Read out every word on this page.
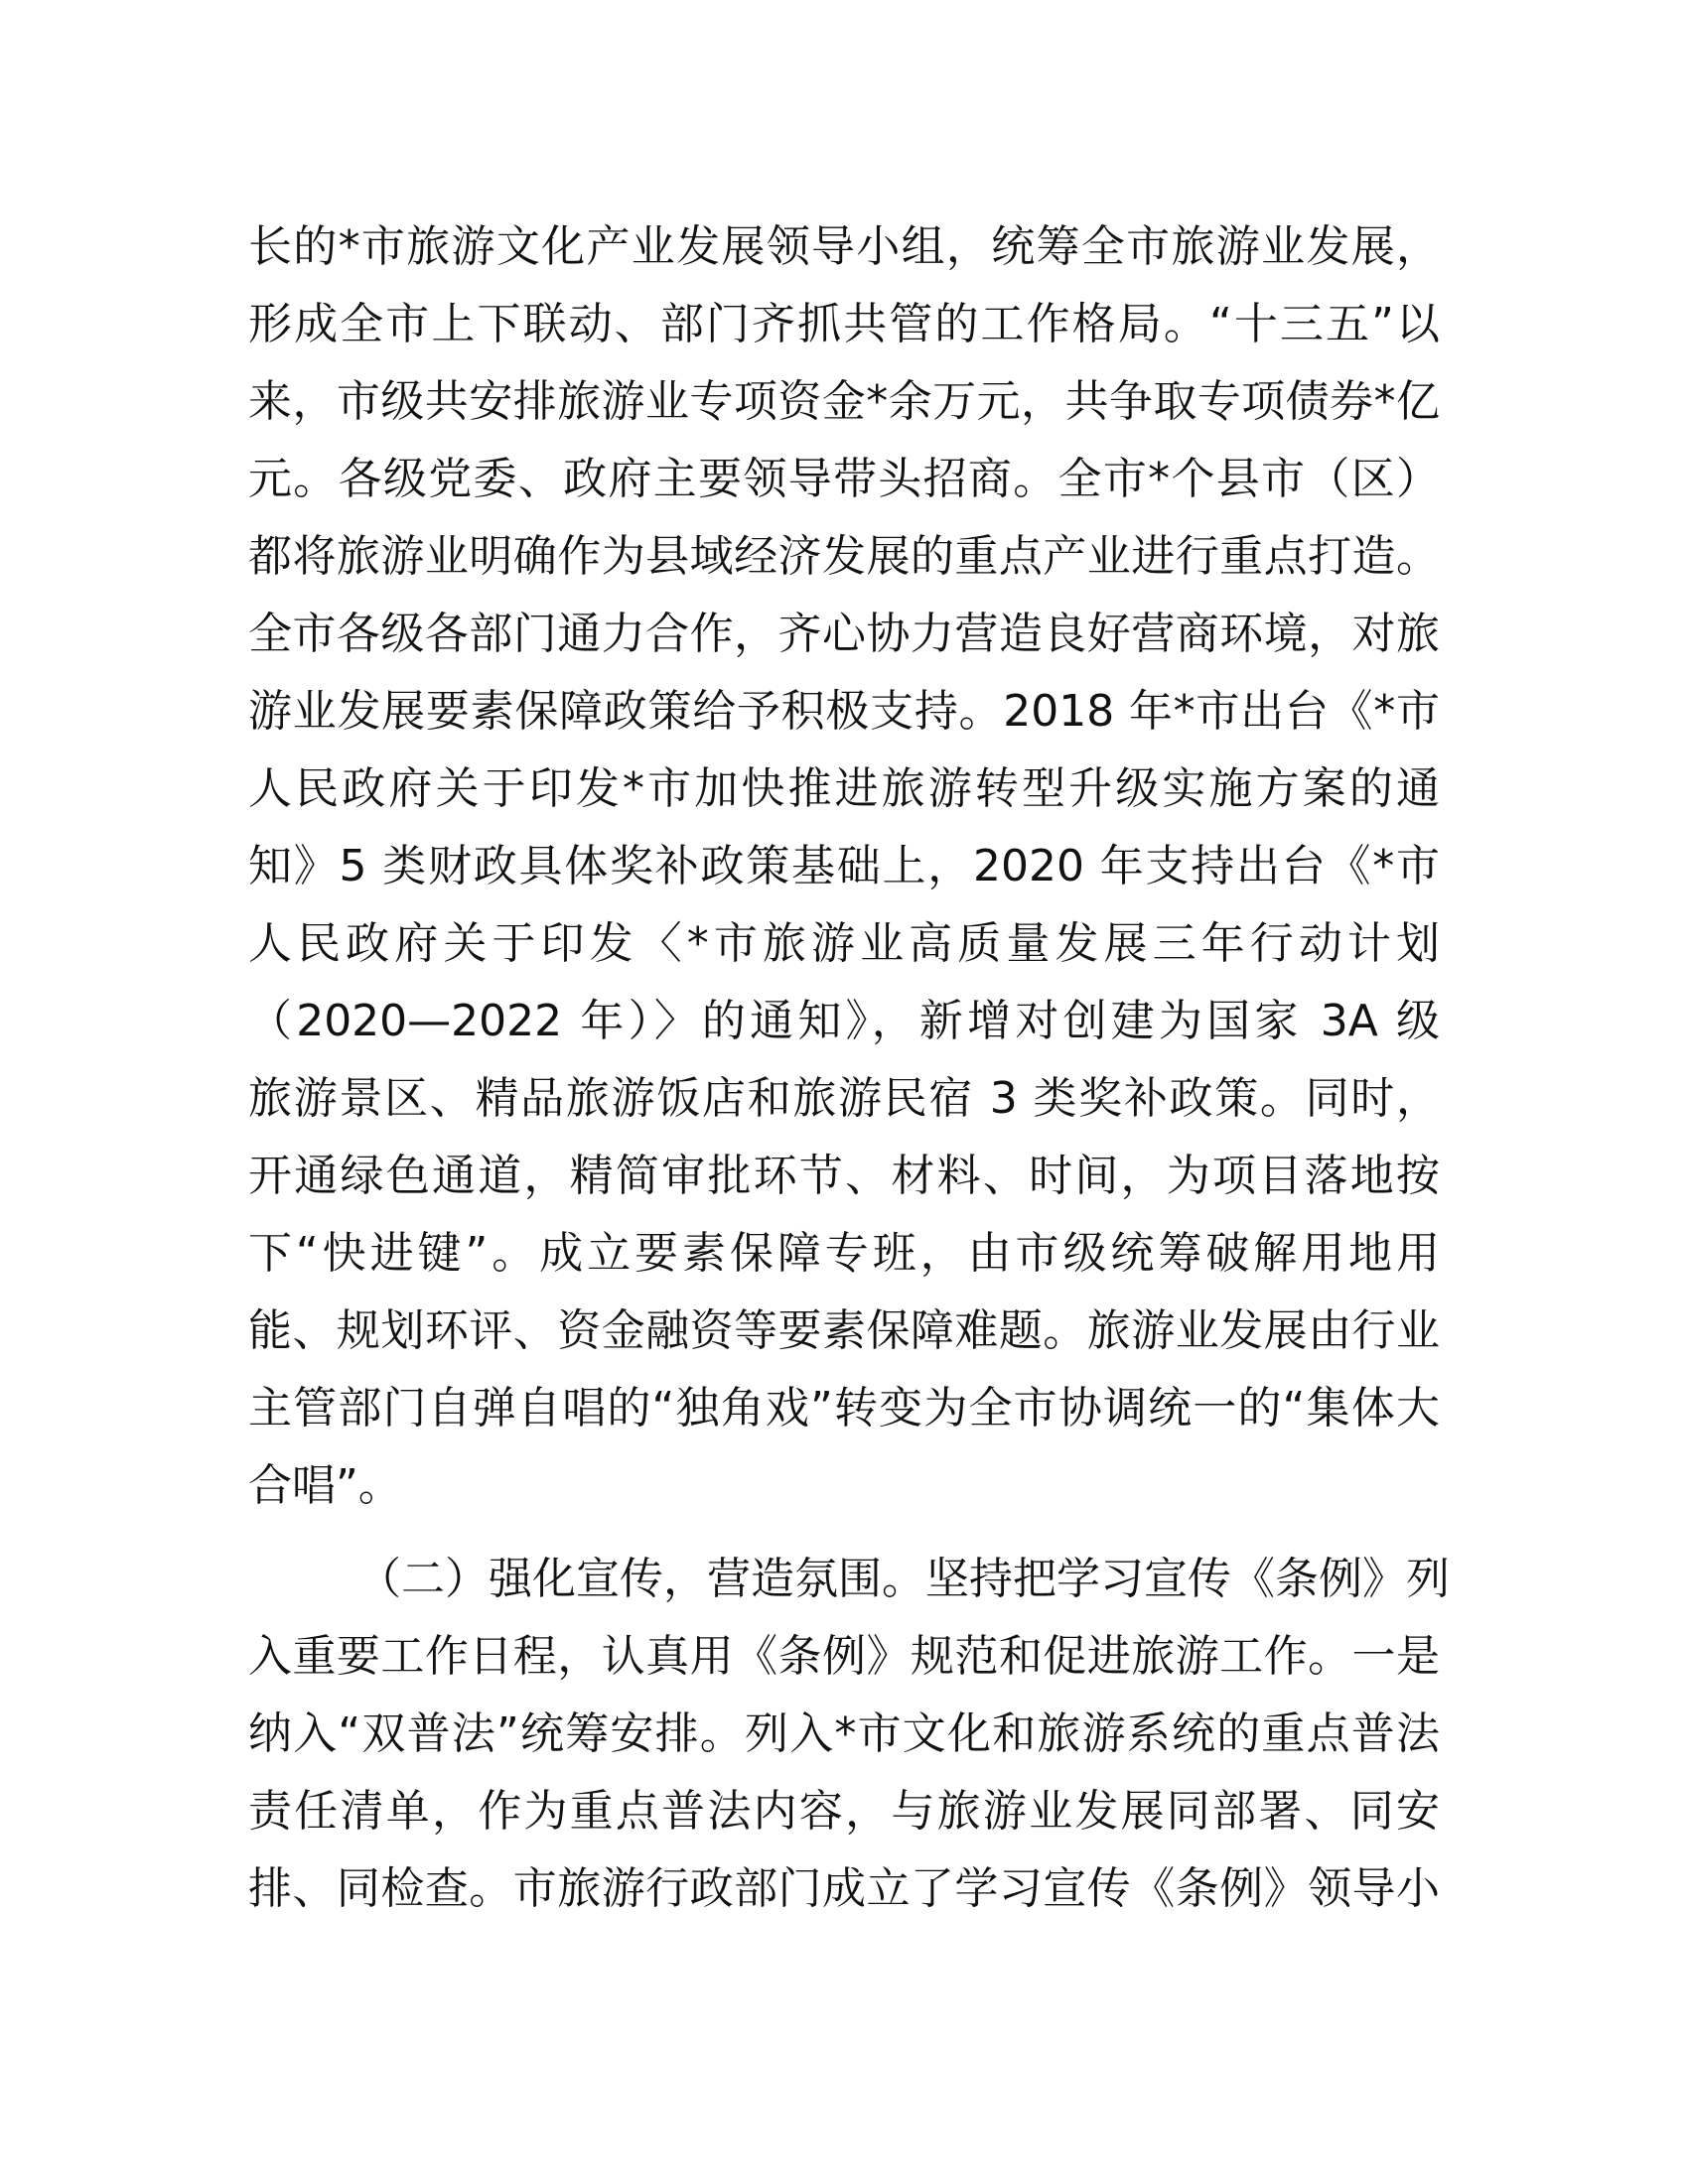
长的*市旅游文化产业发展领导小组，统筹全市旅游业发展，
形成全市上下联动、部门齐抓共管的工作格局。“十三五”以
来，市级共安排旅游业专项资金*余万元，共争取专项债券*亿
元。各级党委、政府主要领导带头招商。全市*个县市（区）
都将旅游业明确作为县域经济发展的重点产业进行重点打造。
全市各级各部门通力合作，齐心协力营造良好营商环境，对旅
游业发展要素保障政策给予积极支持。2018 年*市出台《*市
人民政府关于印发*市加快推进旅游转型升级实施方案的通
知》5 类财政具体奖补政策基础上，2020 年支持出台《*市
人民政府关于印发〈*市旅游业高质量发展三年行动计划
（2020—2022 年）〉的通知》，新增对创建为国家 3A 级
旅游景区、精品旅游饭店和旅游民宿 3 类奖补政策。同时，
开通绿色通道，精简审批环节、材料、时间，为项目落地按
下“快进键”。成立要素保障专班，由市级统筹破解用地用
能、规划环评、资金融资等要素保障难题。旅游业发展由行业
主管部门自弹自唱的“独角戏”转变为全市协调统一的“集体大
合唱”。
（二）强化宣传，营造氛围。坚持把学习宣传《条例》列
入重要工作日程，认真用《条例》规范和促进旅游工作。一是
纳入“双普法”统筹安排。列入*市文化和旅游系统的重点普法
责任清单，作为重点普法内容，与旅游业发展同部署、同安
排、同检查。市旅游行政部门成立了学习宣传《条例》领导小
